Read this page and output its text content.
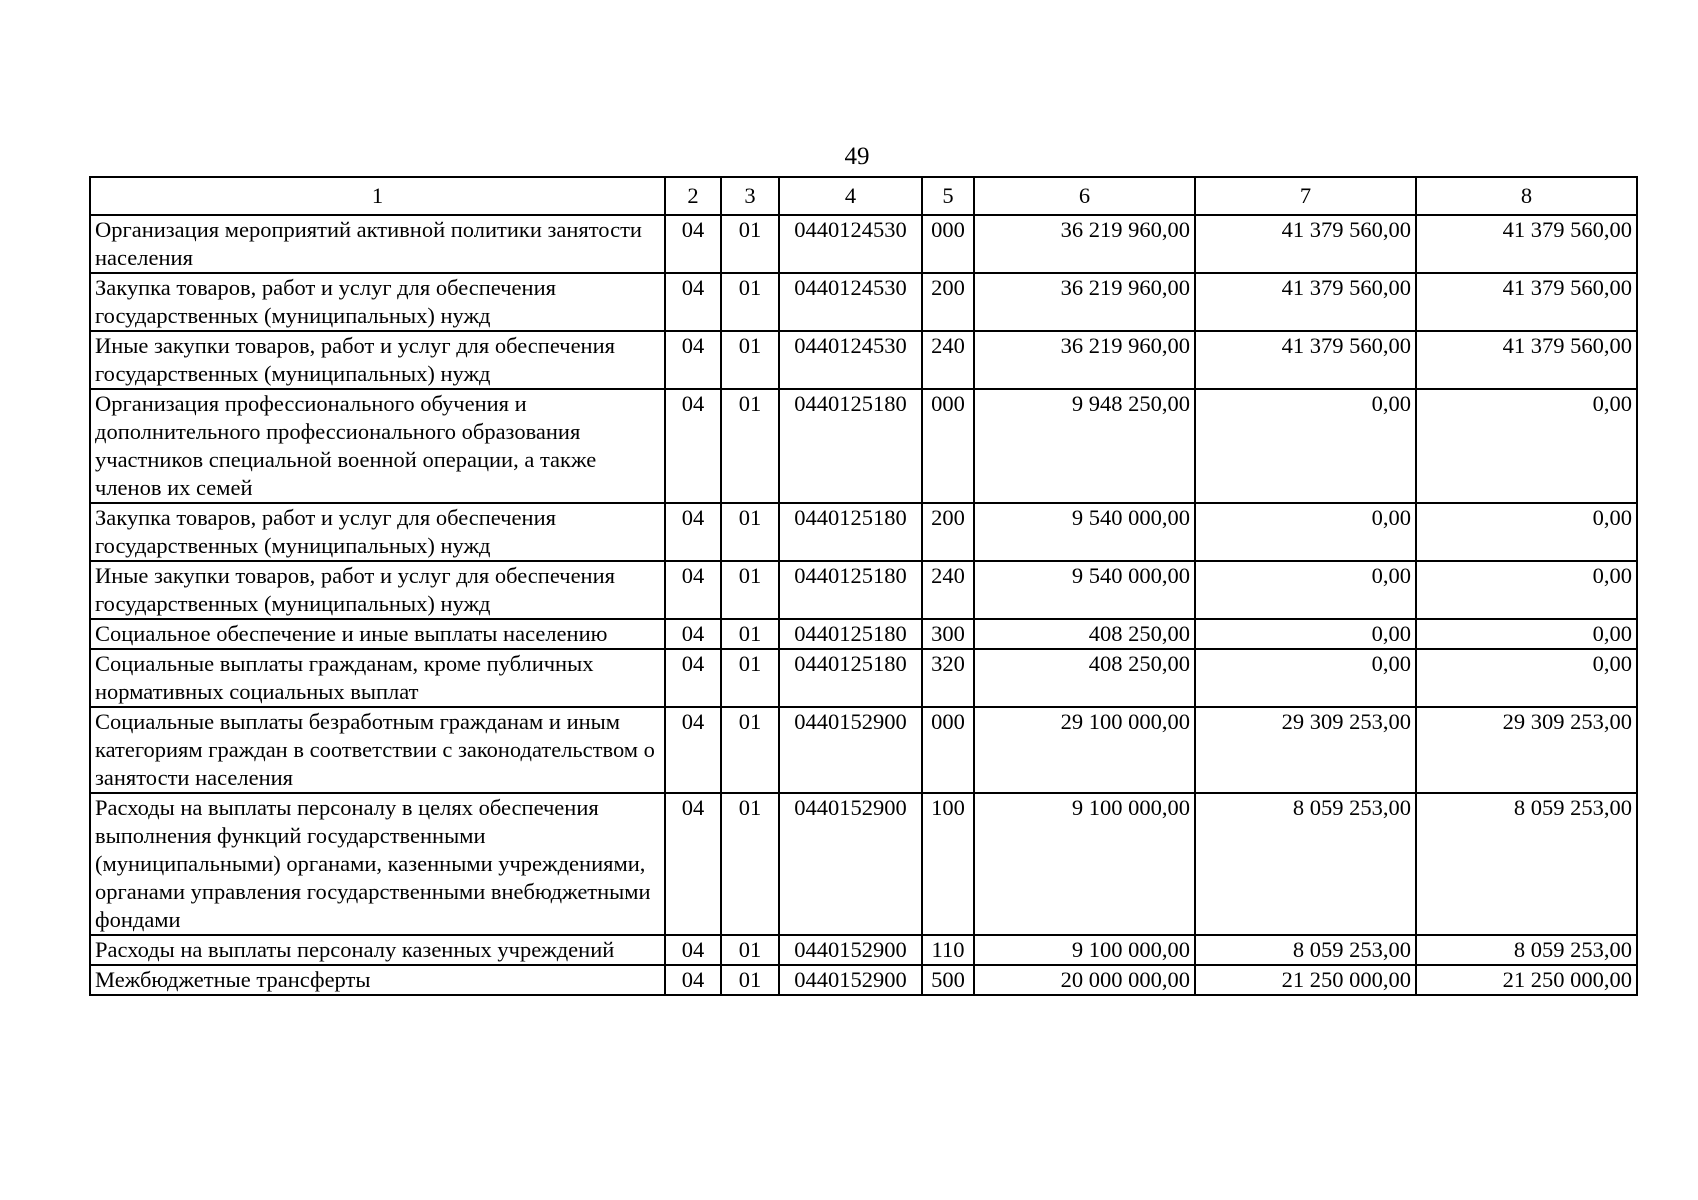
49
1	2	3	4	5	6	7	8
Организация мероприятий активной политики занятости населения	04	01	0440124530	000	36 219 960,00	41 379 560,00	41 379 560,00
Закупка товаров, работ и услуг для обеспечения государственных (муниципальных) нужд	04	01	0440124530	200	36 219 960,00	41 379 560,00	41 379 560,00
Иные закупки товаров, работ и услуг для обеспечения государственных (муниципальных) нужд	04	01	0440124530	240	36 219 960,00	41 379 560,00	41 379 560,00
Организация профессионального обучения и дополнительного профессионального образования участников специальной военной операции, а также членов их семей	04	01	0440125180	000	9 948 250,00	0,00	0,00
Закупка товаров, работ и услуг для обеспечения государственных (муниципальных) нужд	04	01	0440125180	200	9 540 000,00	0,00	0,00
Иные закупки товаров, работ и услуг для обеспечения государственных (муниципальных) нужд	04	01	0440125180	240	9 540 000,00	0,00	0,00
Социальное обеспечение и иные выплаты населению	04	01	0440125180	300	408 250,00	0,00	0,00
Социальные выплаты гражданам, кроме публичных нормативных социальных выплат	04	01	0440125180	320	408 250,00	0,00	0,00
Социальные выплаты безработным гражданам и иным категориям граждан в соответствии с законодательством о занятости населения	04	01	0440152900	000	29 100 000,00	29 309 253,00	29 309 253,00
Расходы на выплаты персоналу в целях обеспечения выполнения функций государственными (муниципальными) органами, казенными учреждениями, органами управления государственными внебюджетными фондами	04	01	0440152900	100	9 100 000,00	8 059 253,00	8 059 253,00
Расходы на выплаты персоналу казенных учреждений	04	01	0440152900	110	9 100 000,00	8 059 253,00	8 059 253,00
Межбюджетные трансферты	04	01	0440152900	500	20 000 000,00	21 250 000,00	21 250 000,00
